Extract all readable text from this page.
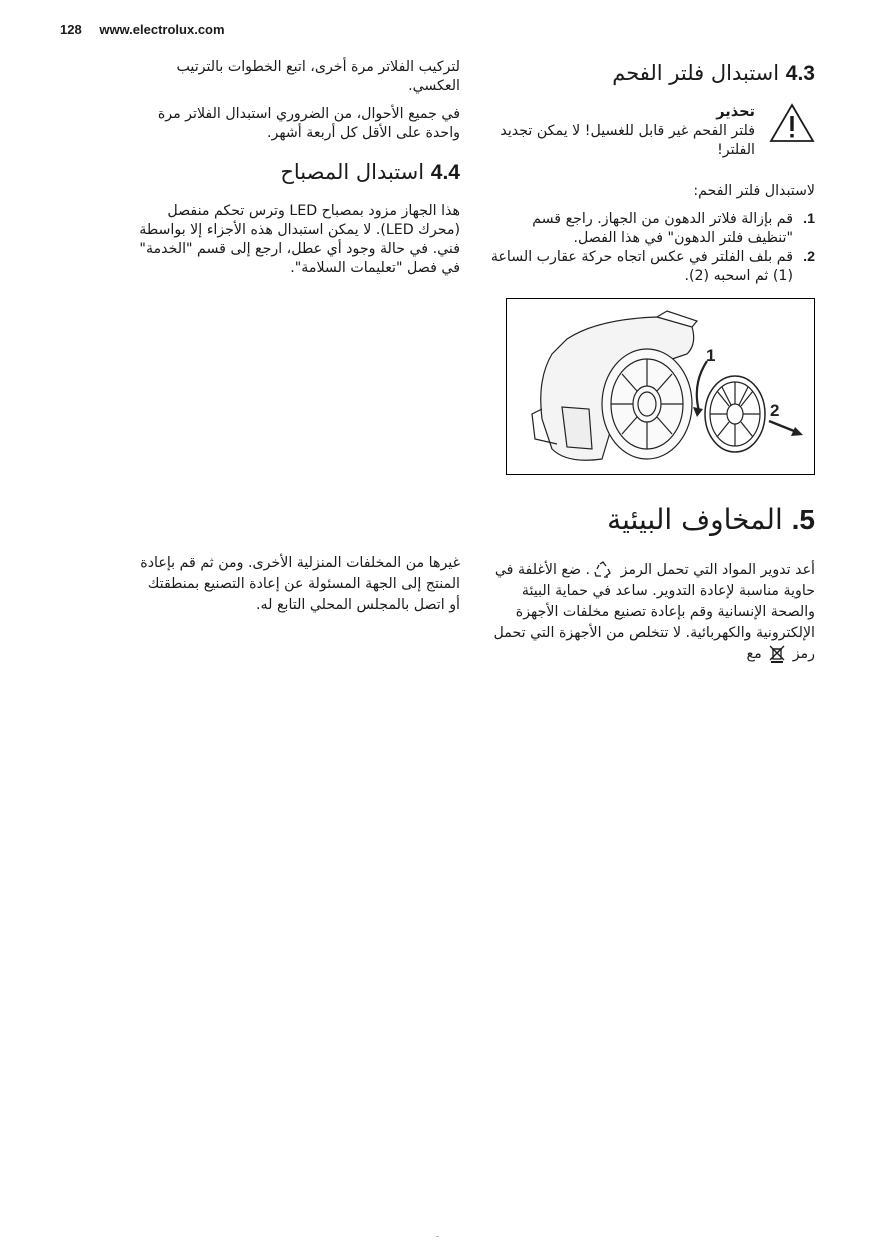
128 www.electrolux.com
4.3 استبدال فلتر الفحم
تحذير

فلتر الفحم غير قابل للغسيل! لا يمكن تجديد الفلتر!

لاستبدال فلتر الفحم:

1.
قم بإزالة فلاتر الدهون من الجهاز. راجع قسم "تنظيف فلتر الدهون" في هذا الفصل.
2.
قم بلف الفلتر في عكس اتجاه حركة عقارب الساعة (1) ثم اسحبه (2).
1
2

لتركيب الفلاتر مرة أخرى، اتبع الخطوات بالترتيب العكسي.

في جميع الأحوال، من الضروري استبدال الفلاتر مرة واحدة على الأقل كل أربعة أشهر.

4.4 استبدال المصباح

هذا الجهاز مزود بمصباح LED وترس تحكم منفصل (محرك LED). لا يمكن استبدال هذه الأجزاء إلا بواسطة فني. في حالة وجود أي عطل، ارجع إلى قسم "الخدمة" في فصل "تعليمات السلامة".

5. المخاوف البيئية

أعد تدوير المواد التي تحمل الرمز . ضع الأغلفة في حاوية مناسبة لإعادة التدوير. ساعد في حماية البيئة والصحة الإنسانية وقم بإعادة تصنيع مخلفات الأجهزة الإلكترونية والكهربائية. لا تتخلص من الأجهزة التي تحمل رمز  مع

غيرها من المخلفات المنزلية الأخرى. ومن ثم قم بإعادة المنتج إلى الجهة المسئولة عن إعادة التصنيع بمنطقتك أو اتصل بالمجلس المحلي التابع له.
